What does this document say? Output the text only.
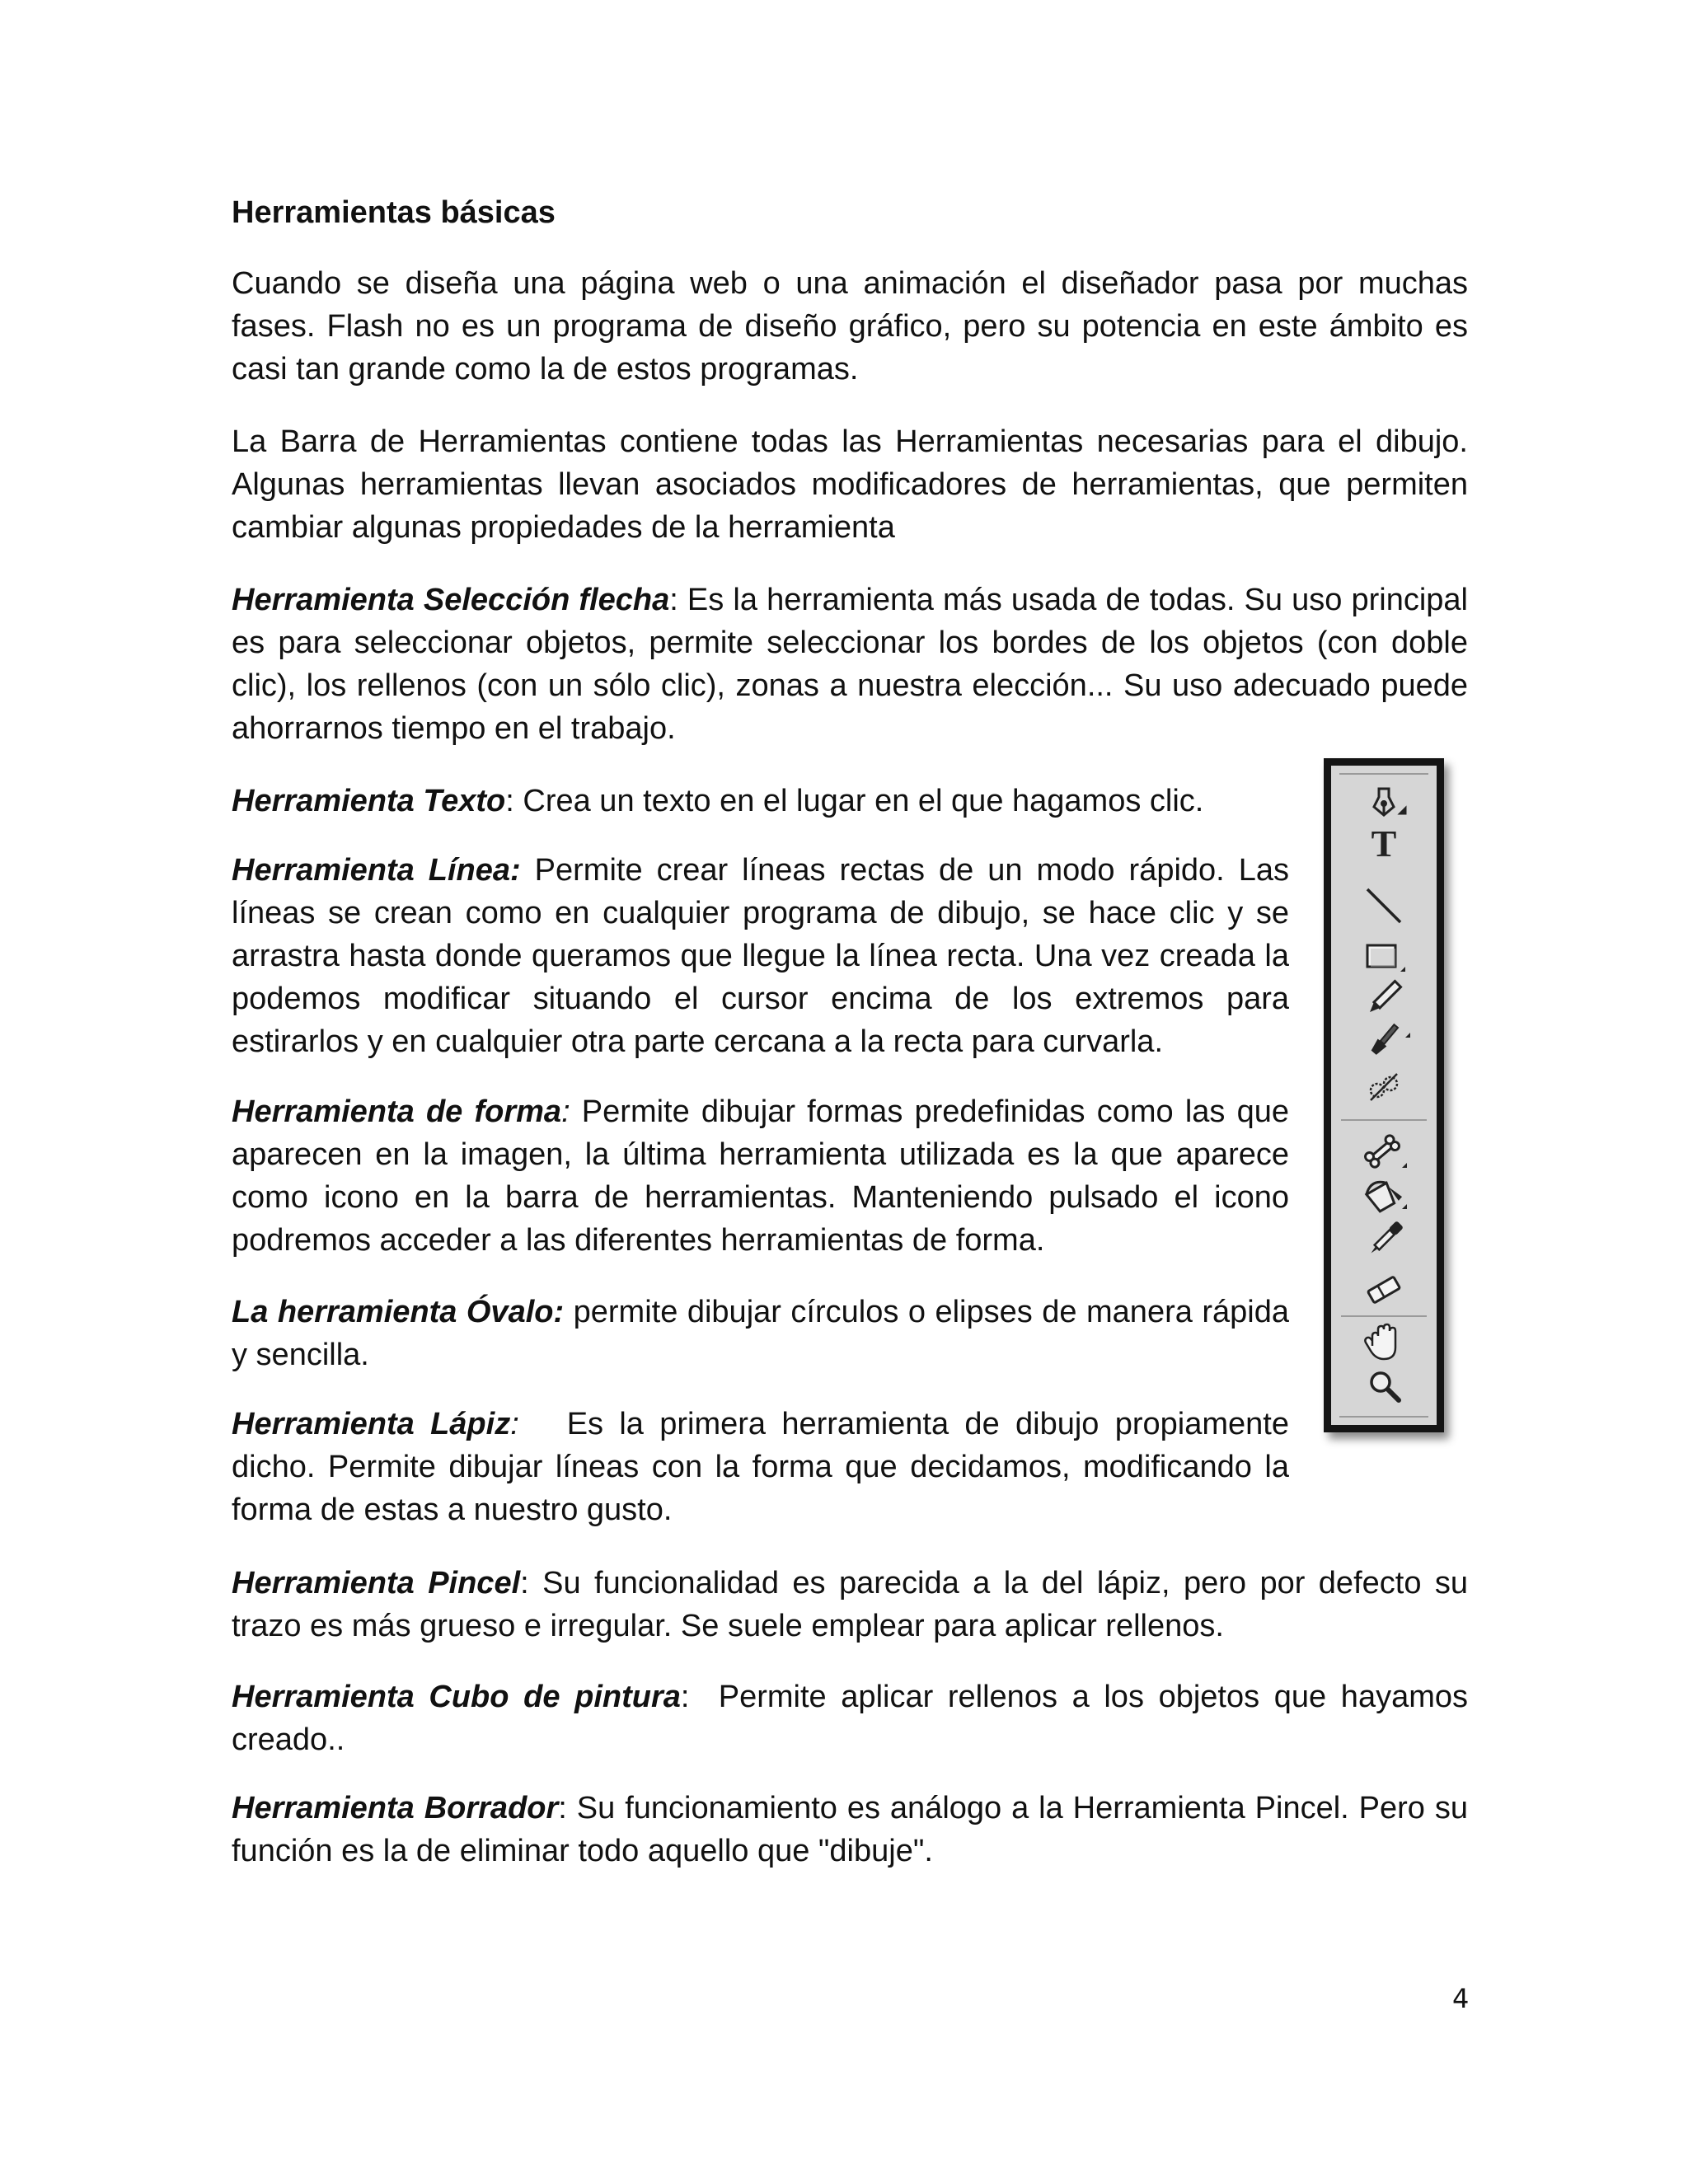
Herramientas básicas

Cuando se diseña una página web o una animación el diseñador pasa por muchas fases. Flash no es un programa de diseño gráfico, pero su potencia en este ámbito es casi tan grande como la de estos programas.

La Barra de Herramientas contiene todas las Herramientas necesarias para el dibujo. Algunas herramientas llevan asociados modificadores de herramientas, que permiten cambiar algunas propiedades de la herramienta

Herramienta Selección flecha: Es la herramienta más usada de todas. Su uso principal es para seleccionar objetos, permite seleccionar los bordes de los objetos (con doble clic), los rellenos (con un sólo clic), zonas a nuestra elección... Su uso adecuado puede ahorrarnos tiempo en el trabajo.

Herramienta Texto: Crea un texto en el lugar en el que hagamos clic.

Herramienta Línea: Permite crear líneas rectas de un modo rápido. Las líneas se crean como en cualquier programa de dibujo, se hace clic y se arrastra hasta donde queramos que llegue la línea recta. Una vez creada la podemos modificar situando el cursor encima de los extremos para estirarlos y en cualquier otra parte cercana a la recta para curvarla.

Herramienta de forma: Permite dibujar formas predefinidas como las que aparecen en la imagen, la última herramienta utilizada es la que aparece como icono en la barra de herramientas. Manteniendo pulsado el icono podremos acceder a las diferentes herramientas de forma.

La herramienta Óvalo: permite dibujar círculos o elipses de manera rápida y sencilla.

Herramienta Lápiz:   Es la primera herramienta de dibujo propiamente dicho. Permite dibujar líneas con la forma que decidamos, modificando la forma de estas a nuestro gusto.

Herramienta Pincel: Su funcionalidad es parecida a la del lápiz, pero por defecto su trazo es más grueso e irregular. Se suele emplear para aplicar rellenos.

Herramienta Cubo de pintura:  Permite aplicar rellenos a los objetos que hayamos creado..

Herramienta Borrador: Su funcionamiento es análogo a la Herramienta Pincel. Pero su función es la de eliminar todo aquello que "dibuje".

T
4
